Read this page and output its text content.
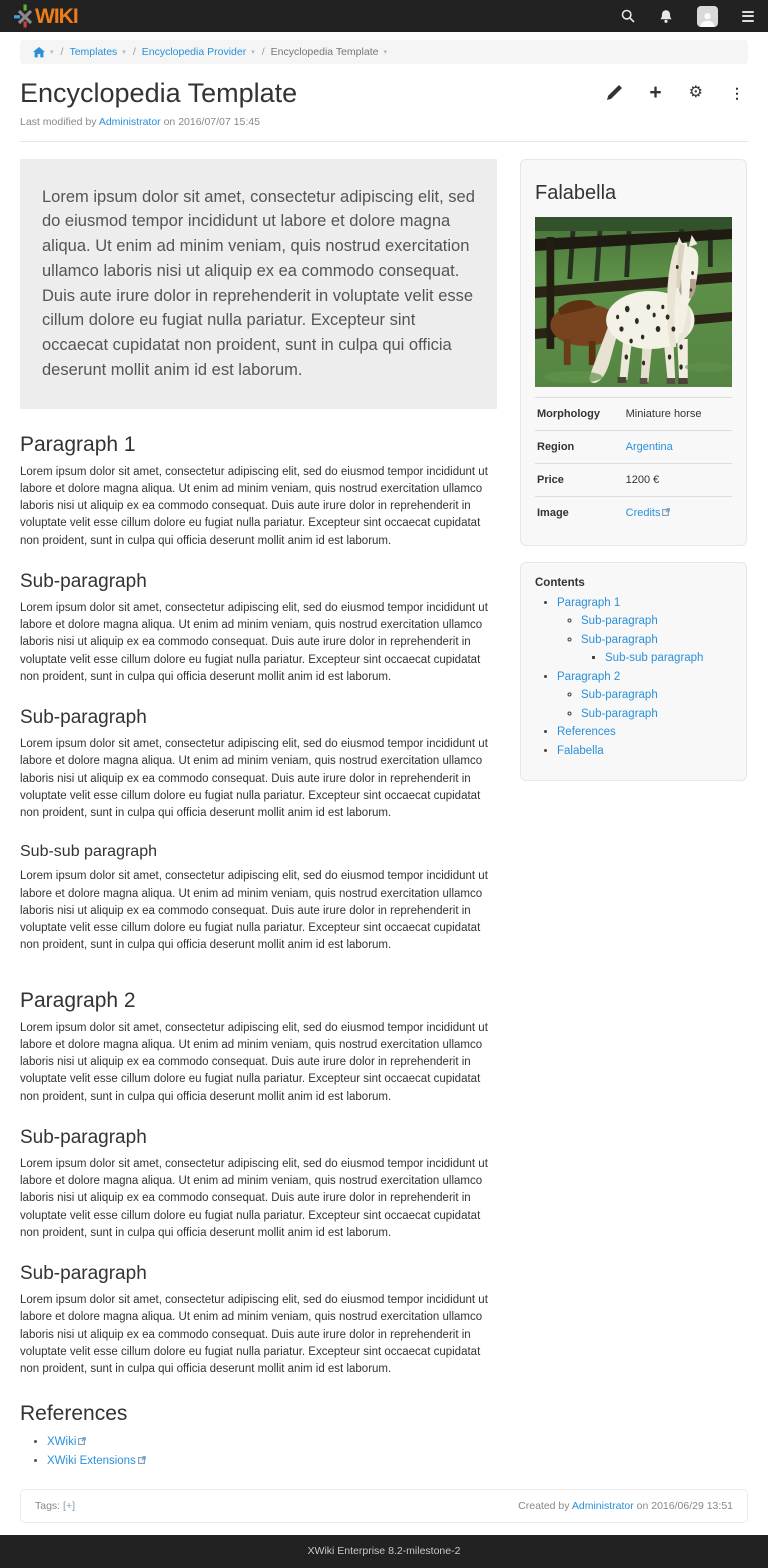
WIKI
▾ / Templates ▾ / Encyclopedia Provider ▾ / Encyclopedia Template ▾
Encyclopedia Template	+ ⚙ ⋮

Last modified by Administrator on 2016/07/07 15:45

Lorem ipsum dolor sit amet, consectetur adipiscing elit, sed do eiusmod tempor incididunt ut labore et dolore magna aliqua. Ut enim ad minim veniam, quis nostrud exercitation ullamco laboris nisi ut aliquip ex ea commodo consequat. Duis aute irure dolor in reprehenderit in voluptate velit esse cillum dolore eu fugiat nulla pariatur. Excepteur sint occaecat cupidatat non proident, sunt in culpa qui officia deserunt mollit anim id est laborum.
Paragraph 1

Lorem ipsum dolor sit amet, consectetur adipiscing elit, sed do eiusmod tempor incididunt ut labore et dolore magna aliqua. Ut enim ad minim veniam, quis nostrud exercitation ullamco laboris nisi ut aliquip ex ea commodo consequat. Duis aute irure dolor in reprehenderit in voluptate velit esse cillum dolore eu fugiat nulla pariatur. Excepteur sint occaecat cupidatat non proident, sunt in culpa qui officia deserunt mollit anim id est laborum.

Sub-paragraph

Lorem ipsum dolor sit amet, consectetur adipiscing elit, sed do eiusmod tempor incididunt ut labore et dolore magna aliqua. Ut enim ad minim veniam, quis nostrud exercitation ullamco laboris nisi ut aliquip ex ea commodo consequat. Duis aute irure dolor in reprehenderit in voluptate velit esse cillum dolore eu fugiat nulla pariatur. Excepteur sint occaecat cupidatat non proident, sunt in culpa qui officia deserunt mollit anim id est laborum.

Sub-paragraph

Lorem ipsum dolor sit amet, consectetur adipiscing elit, sed do eiusmod tempor incididunt ut labore et dolore magna aliqua. Ut enim ad minim veniam, quis nostrud exercitation ullamco laboris nisi ut aliquip ex ea commodo consequat. Duis aute irure dolor in reprehenderit in voluptate velit esse cillum dolore eu fugiat nulla pariatur. Excepteur sint occaecat cupidatat non proident, sunt in culpa qui officia deserunt mollit anim id est laborum.

Sub-sub paragraph

Lorem ipsum dolor sit amet, consectetur adipiscing elit, sed do eiusmod tempor incididunt ut labore et dolore magna aliqua. Ut enim ad minim veniam, quis nostrud exercitation ullamco laboris nisi ut aliquip ex ea commodo consequat. Duis aute irure dolor in reprehenderit in voluptate velit esse cillum dolore eu fugiat nulla pariatur. Excepteur sint occaecat cupidatat non proident, sunt in culpa qui officia deserunt mollit anim id est laborum.

Paragraph 2

Lorem ipsum dolor sit amet, consectetur adipiscing elit, sed do eiusmod tempor incididunt ut labore et dolore magna aliqua. Ut enim ad minim veniam, quis nostrud exercitation ullamco laboris nisi ut aliquip ex ea commodo consequat. Duis aute irure dolor in reprehenderit in voluptate velit esse cillum dolore eu fugiat nulla pariatur. Excepteur sint occaecat cupidatat non proident, sunt in culpa qui officia deserunt mollit anim id est laborum.

Sub-paragraph

Lorem ipsum dolor sit amet, consectetur adipiscing elit, sed do eiusmod tempor incididunt ut labore et dolore magna aliqua. Ut enim ad minim veniam, quis nostrud exercitation ullamco laboris nisi ut aliquip ex ea commodo consequat. Duis aute irure dolor in reprehenderit in voluptate velit esse cillum dolore eu fugiat nulla pariatur. Excepteur sint occaecat cupidatat non proident, sunt in culpa qui officia deserunt mollit anim id est laborum.

Sub-paragraph

Lorem ipsum dolor sit amet, consectetur adipiscing elit, sed do eiusmod tempor incididunt ut labore et dolore magna aliqua. Ut enim ad minim veniam, quis nostrud exercitation ullamco laboris nisi ut aliquip ex ea commodo consequat. Duis aute irure dolor in reprehenderit in voluptate velit esse cillum dolore eu fugiat nulla pariatur. Excepteur sint occaecat cupidatat non proident, sunt in culpa qui officia deserunt mollit anim id est laborum.

References
• XWiki
• XWiki Extensions
Falabella
Morphology	Miniature horse
Region	Argentina
Price	1200 €
Image	Credits
Contents
• Paragraph 1
◦ Sub-paragraph
◦ Sub-paragraph
▪ Sub-sub paragraph
• Paragraph 2
◦ Sub-paragraph
◦ Sub-paragraph
• References
• Falabella
Tags: [+]	Created by Administrator on 2016/06/29 13:51
XWiki Enterprise 8.2-milestone-2
